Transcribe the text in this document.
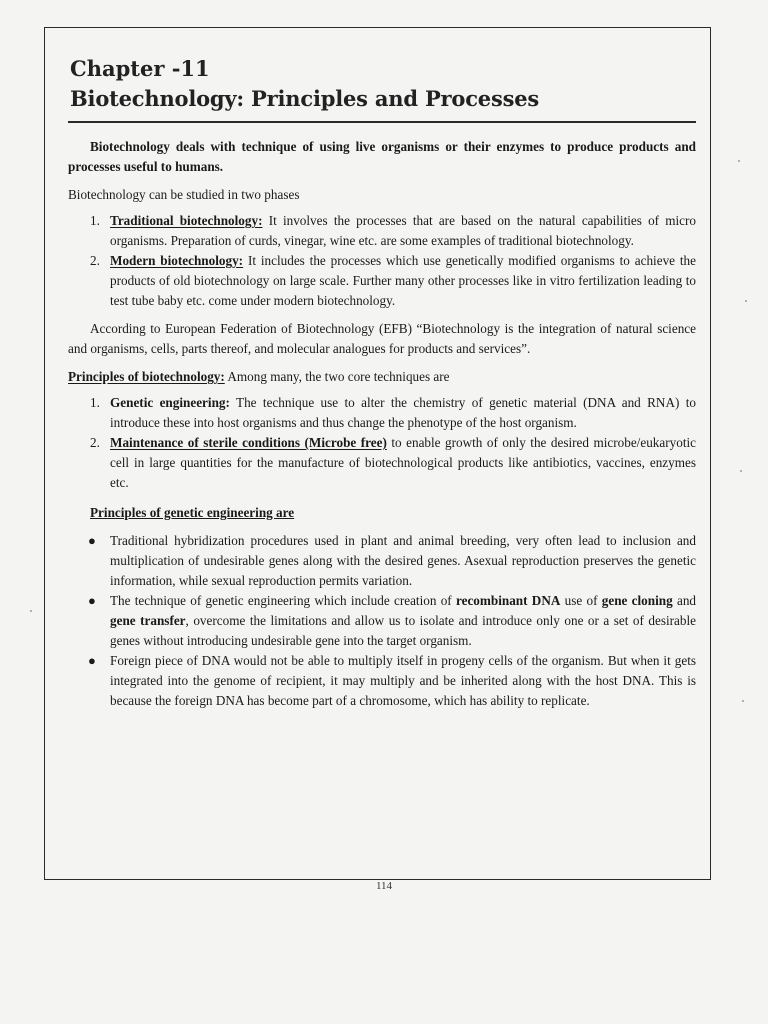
Chapter -11
Biotechnology: Principles and Processes

Biotechnology deals with technique of using live organisms or their enzymes to produce products and processes useful to humans.

Biotechnology can be studied in two phases

1. Traditional biotechnology: It involves the processes that are based on the natural capabilities of micro organisms. Preparation of curds, vinegar, wine etc. are some examples of traditional biotechnology.
2. Modern biotechnology: It includes the processes which use genetically modified organisms to achieve the products of old biotechnology on large scale. Further many other processes like in vitro fertilization leading to test tube baby etc. come under modern biotechnology.

According to European Federation of Biotechnology (EFB) “Biotechnology is the integration of natural science and organisms, cells, parts thereof, and molecular analogues for products and services”.

Principles of biotechnology: Among many, the two core techniques are

1. Genetic engineering: The technique use to alter the chemistry of genetic material (DNA and RNA) to introduce these into host organisms and thus change the phenotype of the host organism.
2. Maintenance of sterile conditions (Microbe free) to enable growth of only the desired microbe/eukaryotic cell in large quantities for the manufacture of biotechnological products like antibiotics, vaccines, enzymes etc.
Principles of genetic engineering are
● Traditional hybridization procedures used in plant and animal breeding, very often lead to inclusion and multiplication of undesirable genes along with the desired genes. Asexual reproduction preserves the genetic information, while sexual reproduction permits variation.
● The technique of genetic engineering which include creation of recombinant DNA use of gene cloning and gene transfer, overcome the limitations and allow us to isolate and introduce only one or a set of desirable genes without introducing undesirable gene into the target organism.
● Foreign piece of DNA would not be able to multiply itself in progeny cells of the organism. But when it gets integrated into the genome of recipient, it may multiply and be inherited along with the host DNA. This is because the foreign DNA has become part of a chromosome, which has ability to replicate.
114
